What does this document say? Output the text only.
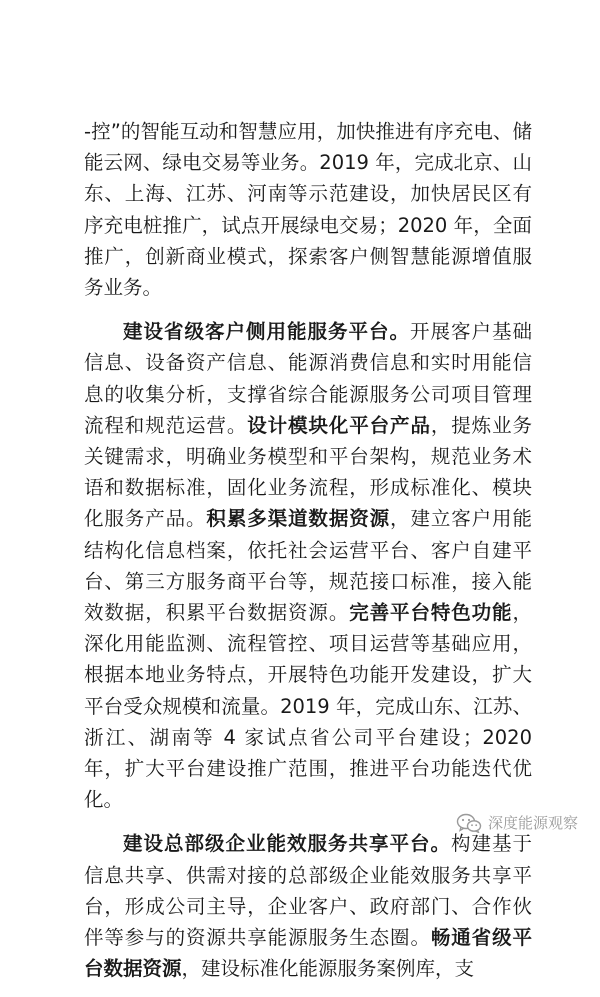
-控”的智能互动和智慧应用，加快推进有序充电、储能云网、绿电交易等业务。2019 年，完成北京、山东、上海、江苏、河南等示范建设，加快居民区有序充电桩推广，试点开展绿电交易；2020 年，全面推广，创新商业模式，探索客户侧智慧能源增值服务业务。

建设省级客户侧用能服务平台。开展客户基础信息、设备资产信息、能源消费信息和实时用能信息的收集分析，支撑省综合能源服务公司项目管理流程和规范运营。设计模块化平台产品，提炼业务关键需求，明确业务模型和平台架构，规范业务术语和数据标准，固化业务流程，形成标准化、模块化服务产品。积累多渠道数据资源，建立客户用能结构化信息档案，依托社会运营平台、客户自建平台、第三方服务商平台等，规范接口标准，接入能效数据，积累平台数据资源。完善平台特色功能，深化用能监测、流程管控、项目运营等基础应用，根据本地业务特点，开展特色功能开发建设，扩大平台受众规模和流量。2019 年，完成山东、江苏、浙江、湖南等 4 家试点省公司平台建设；2020 年，扩大平台建设推广范围，推进平台功能迭代优化。

建设总部级企业能效服务共享平台。构建基于信息共享、供需对接的总部级企业能效服务共享平台，形成公司主导，企业客户、政府部门、合作伙伴等参与的资源共享能源服务生态圈。畅通省级平台数据资源，建设标准化能源服务案例库，支

深度能源观察
